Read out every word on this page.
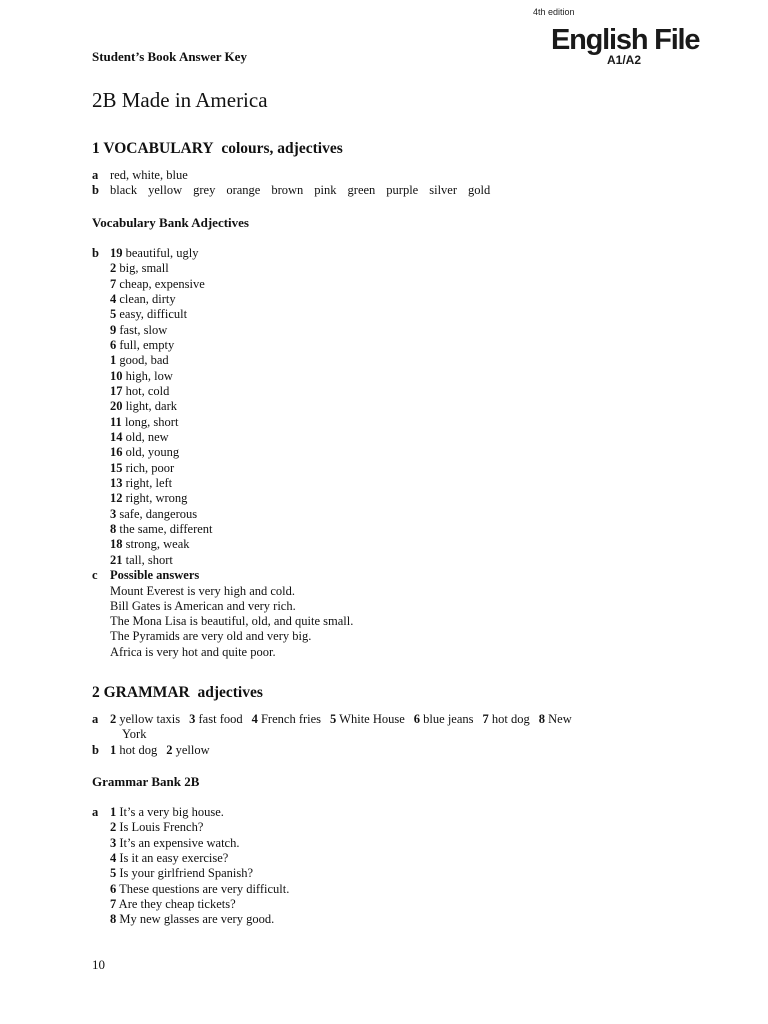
4th edition
English File
A1/A2
Student’s Book Answer Key
2B Made in America
1 VOCABULARY colours, adjectives
a red, white, blue
b black yellow grey orange brown pink green purple silver gold
Vocabulary Bank Adjectives
b 19 beautiful, ugly
2 big, small
7 cheap, expensive
4 clean, dirty
5 easy, difficult
9 fast, slow
6 full, empty
1 good, bad
10 high, low
17 hot, cold
20 light, dark
11 long, short
14 old, new
16 old, young
15 rich, poor
13 right, left
12 right, wrong
3 safe, dangerous
8 the same, different
18 strong, weak
21 tall, short
c Possible answers
Mount Everest is very high and cold.
Bill Gates is American and very rich.
The Mona Lisa is beautiful, old, and quite small.
The Pyramids are very old and very big.
Africa is very hot and quite poor.
2 GRAMMAR adjectives
a 2 yellow taxis 3 fast food 4 French fries 5 White House 6 blue jeans 7 hot dog 8 New
York
b 1 hot dog 2 yellow
Grammar Bank 2B
a 1 It’s a very big house.
2 Is Louis French?
3 It’s an expensive watch.
4 Is it an easy exercise?
5 Is your girlfriend Spanish?
6 These questions are very difficult.
7 Are they cheap tickets?
8 My new glasses are very good.
10
